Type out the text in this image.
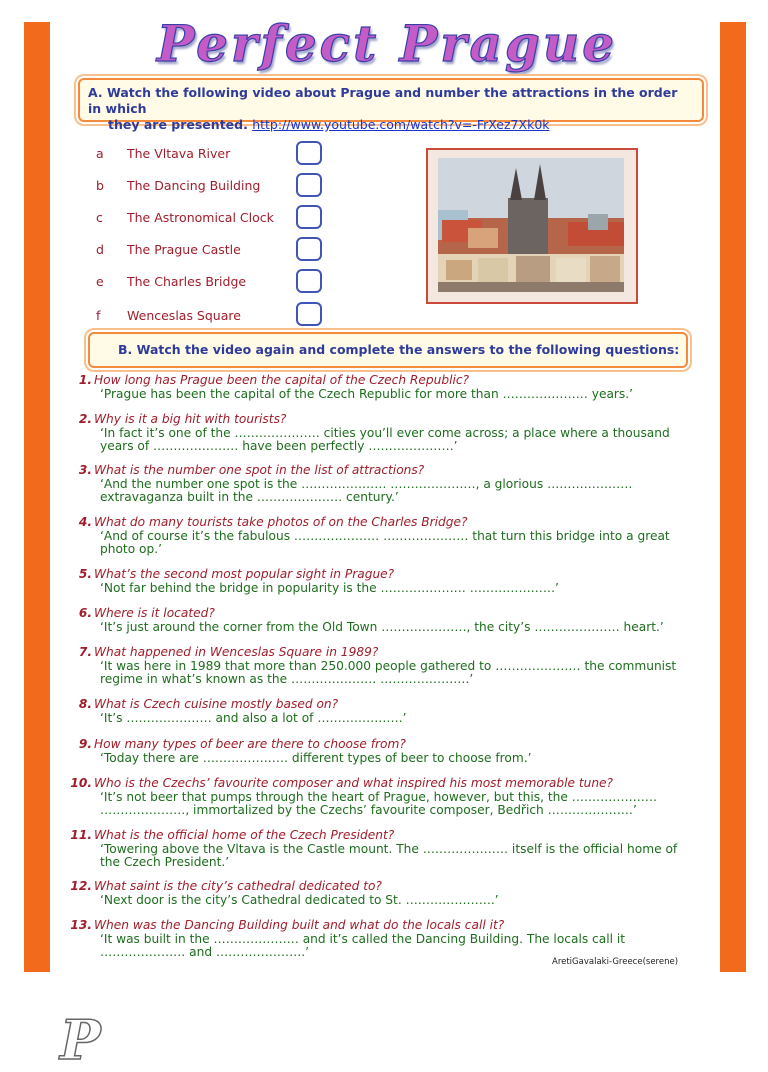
Perfect Prague
A. Watch the following video about Prague and number the attractions in the order in which
they are presented. http://www.youtube.com/watch?v=-FrXez7Xk0k
a The Vltava River
b The Dancing Building
c The Astronomical Clock
d The Prague Castle
e The Charles Bridge
f Wenceslas Square
B. Watch the video again and complete the answers to the following questions:
1. How long has Prague been the capital of the Czech Republic?
‘Prague has been the capital of the Czech Republic for more than ………………… years.’
2. Why is it a big hit with tourists?
‘In fact it’s one of the ………………… cities you’ll ever come across; a place where a thousand
years of ………………… have been perfectly …………………’
3. What is the number one spot in the list of attractions?
‘And the number one spot is the ………………… …………………, a glorious …………………
extravaganza built in the ………………… century.’
4. What do many tourists take photos of on the Charles Bridge?
‘And of course it’s the fabulous ………………… ………………… that turn this bridge into a great
photo op.’
5. What’s the second most popular sight in Prague?
‘Not far behind the bridge in popularity is the ………………… …………………’
6. Where is it located?
‘It’s just around the corner from the Old Town …………………, the city’s ………………… heart.’
7. What happened in Wenceslas Square in 1989?
‘It was here in 1989 that more than 250.000 people gathered to ………………… the communist
regime in what’s known as the ………………… ………………….’
8. What is Czech cuisine mostly based on?
‘It’s ………………… and also a lot of …………………’
9. How many types of beer are there to choose from?
‘Today there are ………………… different types of beer to choose from.’
10. Who is the Czechs’ favourite composer and what inspired his most memorable tune?
‘It’s not beer that pumps through the heart of Prague, however, but this, the …………………
…………………, immortalized by the Czechs’ favourite composer, Bedřich …………………’
11. What is the official home of the Czech President?
‘Towering above the Vltava is the Castle mount. The ………………… itself is the official home of
the Czech President.’
12. What saint is the city’s cathedral dedicated to?
‘Next door is the city’s Cathedral dedicated to St. ………………….’
13. When was the Dancing Building built and what do the locals call it?
‘It was built in the ………………… and it’s called the Dancing Building. The locals call it
………………… and ………………….’
AretiGavalaki-Greece(serene)
P
